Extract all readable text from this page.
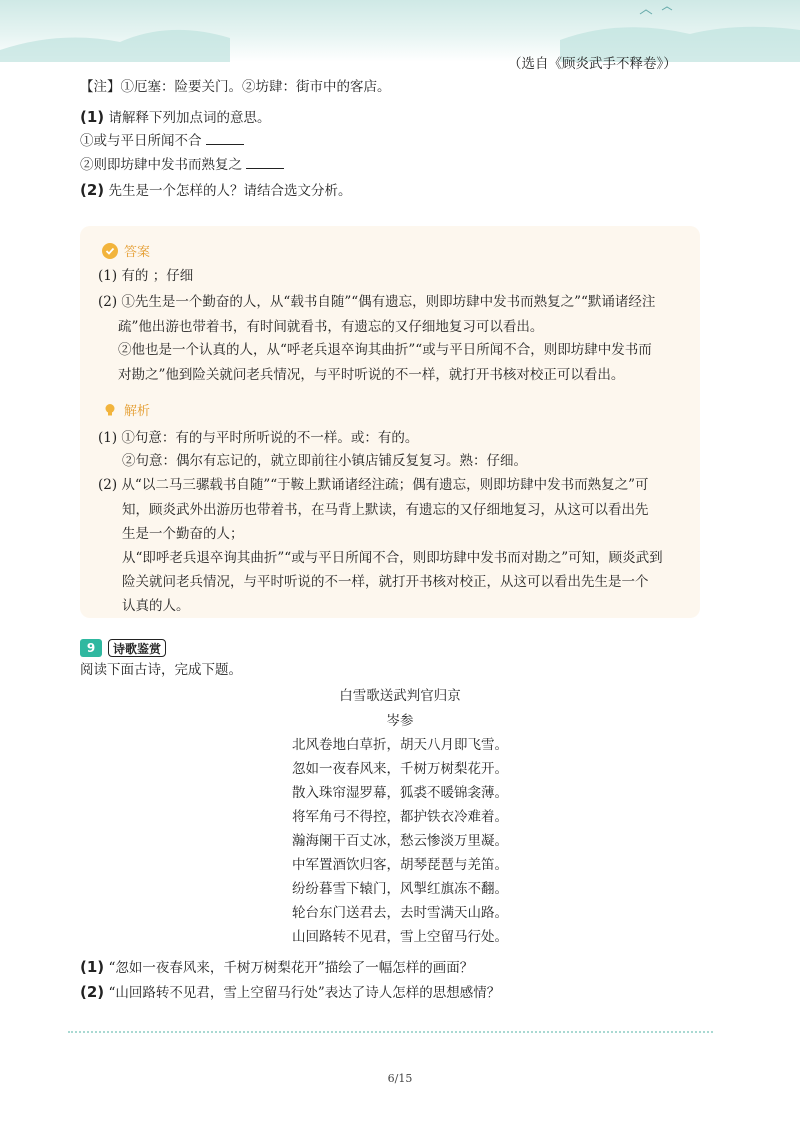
（选自《顾炎武手不释卷》）
【注】①厄塞：险要关门。②坊肆：街市中的客店。
(1) 请解释下列加点词的意思。
①或与平日所闻不合
②则即坊肆中发书而熟复之
(2) 先生是一个怎样的人？请结合选文分析。
答案
(1) 有的 ；仔细
(2) ①先生是一个勤奋的人，从“载书自随”“偶有遗忘，则即坊肆中发书而熟复之”“默诵诸经注
疏”他出游也带着书，有时间就看书，有遗忘的又仔细地复习可以看出。
②他也是一个认真的人，从“呼老兵退卒询其曲折”“或与平日所闻不合，则即坊肆中发书而
对勘之”他到险关就问老兵情况，与平时听说的不一样，就打开书核对校正可以看出。
解析
(1) ①句意：有的与平时所听说的不一样。或：有的。
②句意：偶尔有忘记的，就立即前往小镇店铺反复复习。熟：仔细。
(2) 从“以二马三骡载书自随”“于鞍上默诵诸经注疏；偶有遗忘，则即坊肆中发书而熟复之”可
知，顾炎武外出游历也带着书，在马背上默读，有遗忘的又仔细地复习，从这可以看出先
生是一个勤奋的人；
从“即呼老兵退卒询其曲折”“或与平日所闻不合，则即坊肆中发书而对勘之”可知，顾炎武到
险关就问老兵情况，与平时听说的不一样，就打开书核对校正，从这可以看出先生是一个
认真的人。
9	诗歌鉴赏
阅读下面古诗，完成下题。
白雪歌送武判官归京
岑参
北风卷地白草折，胡天八月即飞雪。
忽如一夜春风来，千树万树梨花开。
散入珠帘湿罗幕，狐裘不暖锦衾薄。
将军角弓不得控，都护铁衣冷难着。
瀚海阑干百丈冰，愁云惨淡万里凝。
中军置酒饮归客，胡琴琵琶与羌笛。
纷纷暮雪下辕门，风掣红旗冻不翻。
轮台东门送君去，去时雪满天山路。
山回路转不见君，雪上空留马行处。
(1) “忽如一夜春风来，千树万树梨花开”描绘了一幅怎样的画面？
(2) “山回路转不见君，雪上空留马行处”表达了诗人怎样的思想感情？
6/15
